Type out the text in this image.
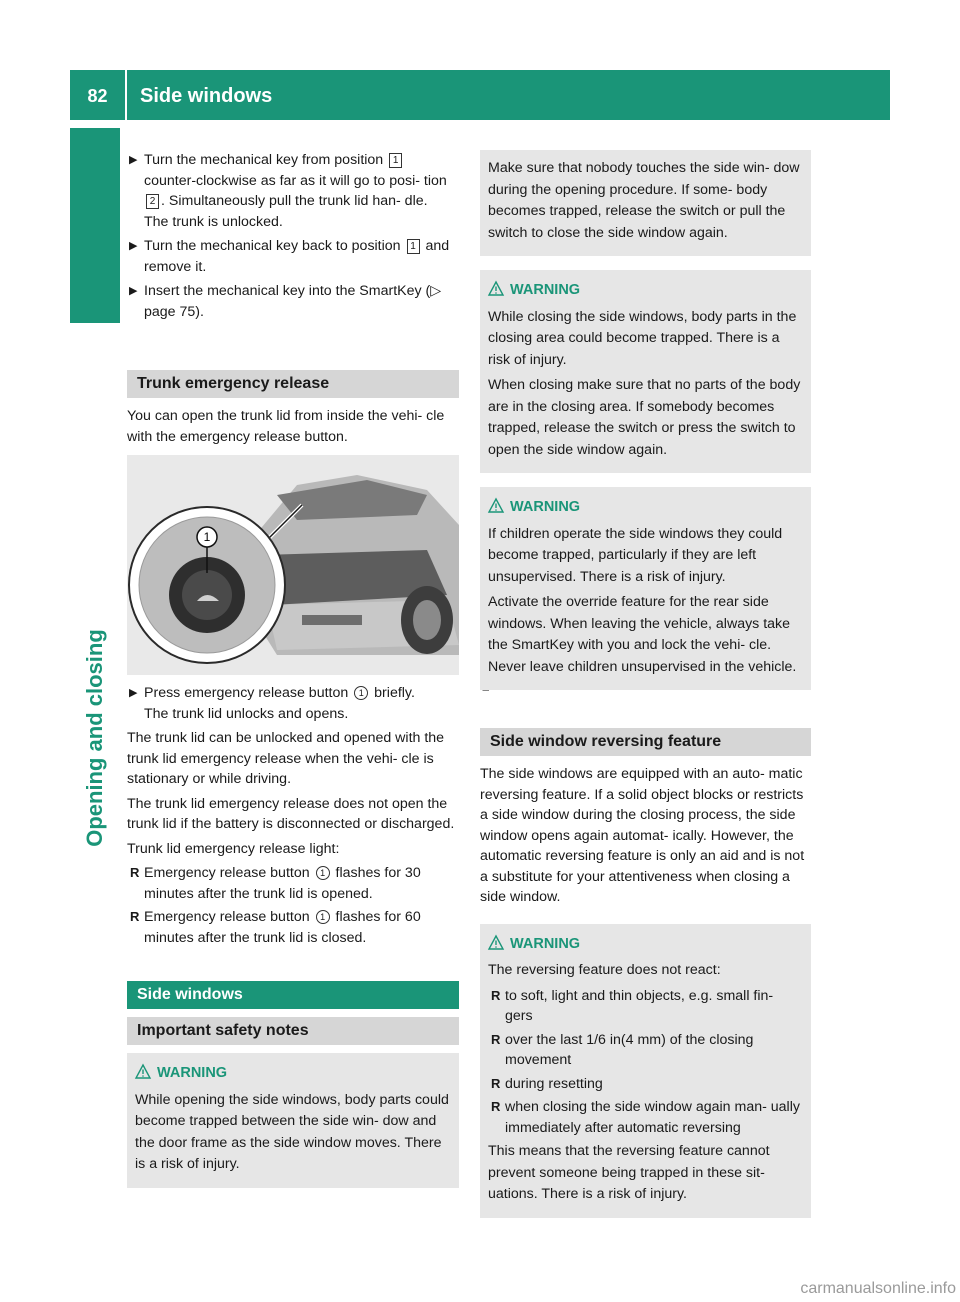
82	Side windows
Opening and closing
▶ Turn the mechanical key from position 1 counter-clockwise as far as it will go to posi- tion 2 . Simultaneously pull the trunk lid han- dle.
The trunk is unlocked.
▶ Turn the mechanical key back to position 1 and remove it.
▶ Insert the mechanical key into the SmartKey (▷ page 75).
Trunk emergency release

You can open the trunk lid from inside the vehi- cle with the emergency release button.

1
▶ Press emergency release button 1 briefly.
The trunk lid unlocks and opens.

The trunk lid can be unlocked and opened with the trunk lid emergency release when the vehi- cle is stationary or while driving.

The trunk lid emergency release does not open the trunk lid if the battery is disconnected or discharged.

Trunk lid emergency release light:

R Emergency release button 1 flashes for 30 minutes after the trunk lid is opened.
R Emergency release button 1 flashes for 60 minutes after the trunk lid is closed.
Side windows
Important safety notes
WARNING

While opening the side windows, body parts could become trapped between the side win- dow and the door frame as the side window moves. There is a risk of injury.

Make sure that nobody touches the side win- dow during the opening procedure. If some- body becomes trapped, release the switch or pull the switch to close the side window again.

WARNING

While closing the side windows, body parts in the closing area could become trapped. There is a risk of injury.

When closing make sure that no parts of the body are in the closing area. If somebody becomes trapped, release the switch or press the switch to open the side window again.

WARNING

If children operate the side windows they could become trapped, particularly if they are left unsupervised. There is a risk of injury.

Activate the override feature for the rear side windows. When leaving the vehicle, always take the SmartKey with you and lock the vehi- cle. Never leave children unsupervised in the vehicle.

Side window reversing feature

The side windows are equipped with an auto- matic reversing feature. If a solid object blocks or restricts a side window during the closing process, the side window opens again automat- ically. However, the automatic reversing feature is only an aid and is not a substitute for your attentiveness when closing a side window.

WARNING

The reversing feature does not react:

R to soft, light and thin objects, e.g. small fin- gers
R over the last 1/6 in(4 mm) of the closing movement
R during resetting
R when closing the side window again man- ually immediately after automatic reversing

This means that the reversing feature cannot prevent someone being trapped in these sit- uations. There is a risk of injury.

carmanualsonline.info
